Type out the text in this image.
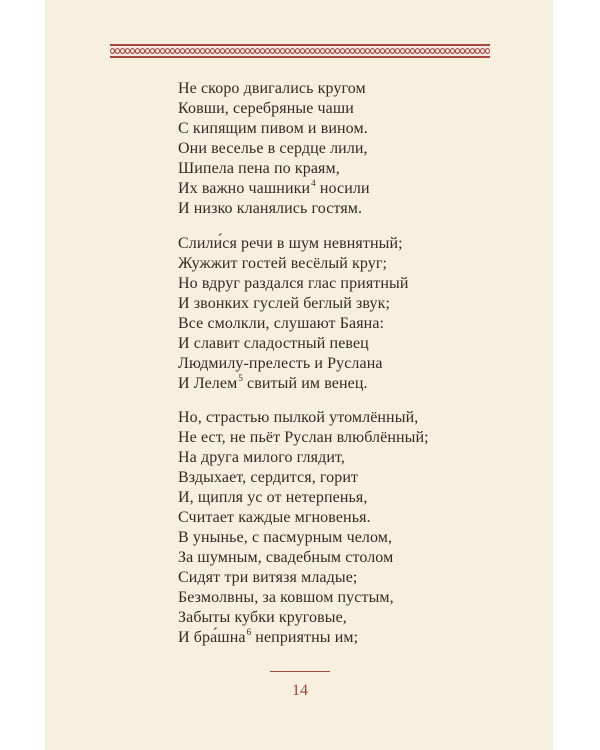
Не скоро двигались кругом
Ковши, серебряные чаши
С кипящим пивом и вином.
Они веселье в сердце лили,
Шипела пена по краям,
Их важно чашники$^4$ носили
И низко кланялись гостям.
Слили́ся речи в шум невнятный;
Жужжит гостей весёлый круг;
Но вдруг раздался глас приятный
И звонких гуслей беглый звук;
Все смолкли, слушают Баяна:
И славит сладостный певец
Людмилу-прелесть и Руслана
И Лелем$^5$ свитый им венец.
Но, страстью пылкой утомлённый,
Не ест, не пьёт Руслан влюблённый;
На друга милого глядит,
Вздыхает, сердится, горит
И, щипля ус от нетерпенья,
Считает каждые мгновенья.
В унынье, с пасмурным челом,
За шумным, свадебным столом
Сидят три витязя младые;
Безмолвны, за ковшом пустым,
Забыты кубки круговые,
И бра́шна$^6$ неприятны им;
14
